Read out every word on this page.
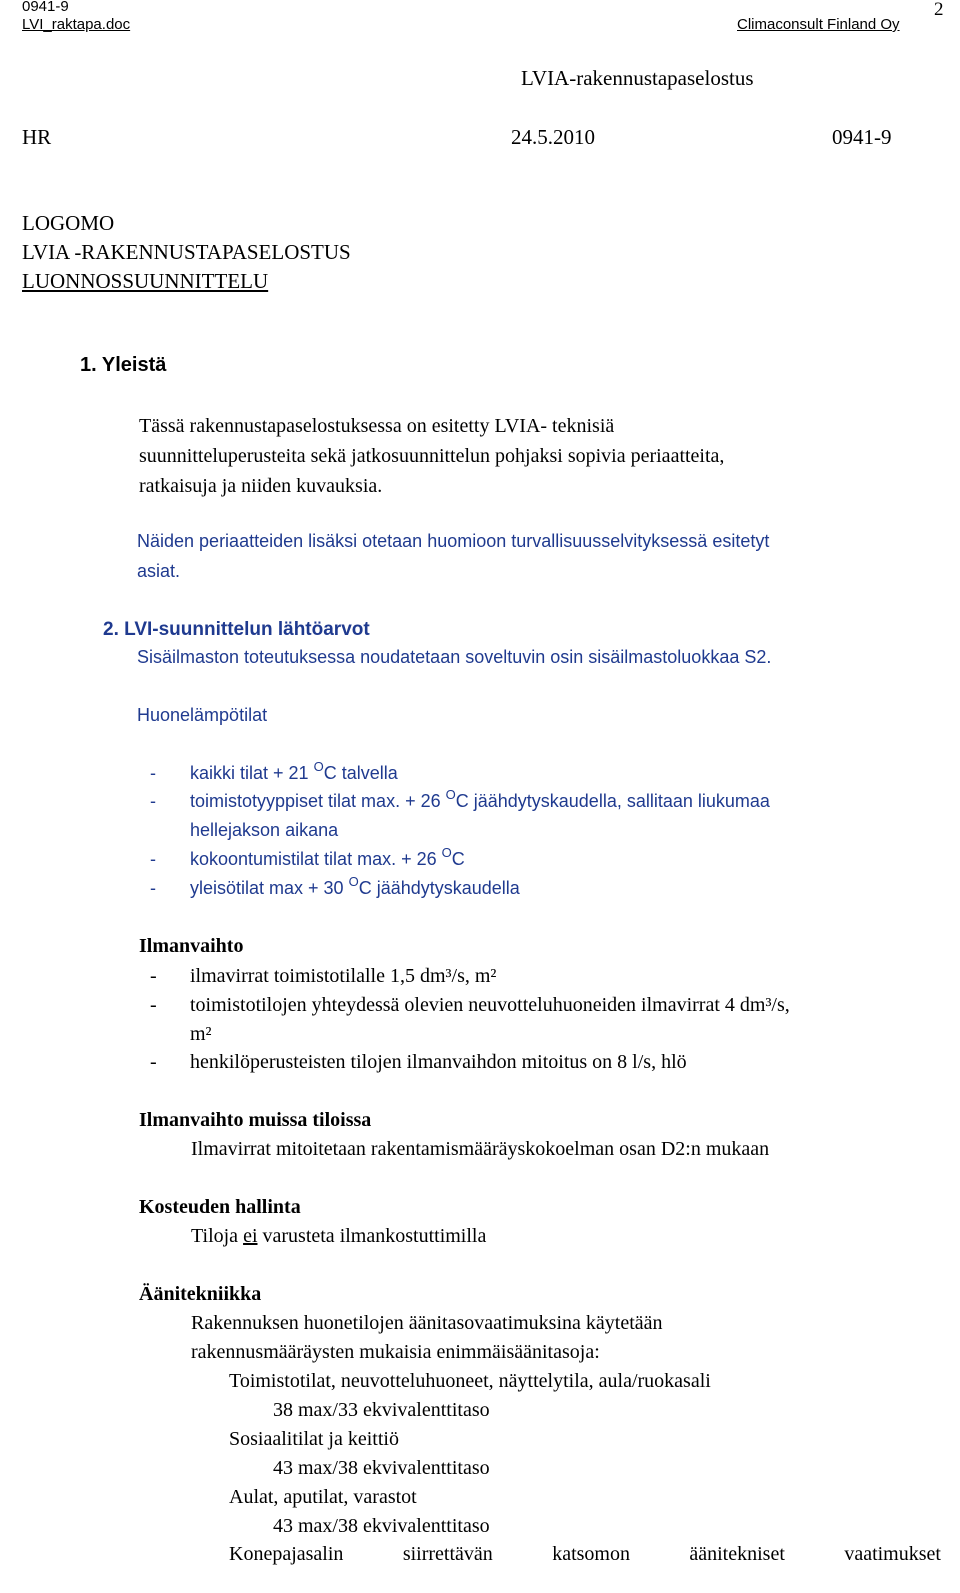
0941-9
LVI_raktapa.doc	Climaconsult Finland Oy
2
LVIA-rakennustapaselostus
HR	24.5.2010	0941-9
LOGOMO
LVIA -RAKENNUSTAPASELOSTUS
LUONNOSSUUNNITTELU
1. Yleistä
Tässä rakennustapaselostuksessa on esitetty LVIA- teknisiä
suunnitteluperusteita sekä jatkosuunnittelun pohjaksi sopivia periaatteita,
ratkaisuja ja niiden kuvauksia.
Näiden periaatteiden lisäksi otetaan huomioon turvallisuusselvityksessä esitetyt
asiat.
2. LVI-suunnittelun lähtöarvot
Sisäilmaston toteutuksessa noudatetaan soveltuvin osin sisäilmastoluokkaa S2.
Huonelämpötilat
- kaikki tilat + 21 $^O$C talvella
- toimistotyyppiset tilat max. + 26 $^O$C jäähdytyskaudella, sallitaan liukumaa
hellejakson aikana
- kokoontumistilat tilat max. + 26 $^O$C
- yleisötilat max + 30 $^O$C jäähdytyskaudella
Ilmanvaihto
- ilmavirrat toimistotilalle 1,5 dm³/s, m²
- toimistotilojen yhteydessä olevien neuvotteluhuoneiden ilmavirrat 4 dm³/s,
m²
- henkilöperusteisten tilojen ilmanvaihdon mitoitus on 8 l/s, hlö
Ilmanvaihto muissa tiloissa
Ilmavirrat mitoitetaan rakentamismääräyskokoelman osan D2:n mukaan
Kosteuden hallinta
Tiloja ei varusteta ilmankostuttimilla
Äänitekniikka
Rakennuksen huonetilojen äänitasovaatimuksina käytetään
rakennusmääräysten mukaisia enimmäisäänitasoja:
Toimistotilat, neuvotteluhuoneet, näyttelytila, aula/ruokasali
38 max/33 ekvivalenttitaso
Sosiaalitilat ja keittiö
43 max/38 ekvivalenttitaso
Aulat, aputilat, varastot
43 max/38 ekvivalenttitaso
Konepajasalin	siirrettävän	katsomon	äänitekniset	vaatimukset
